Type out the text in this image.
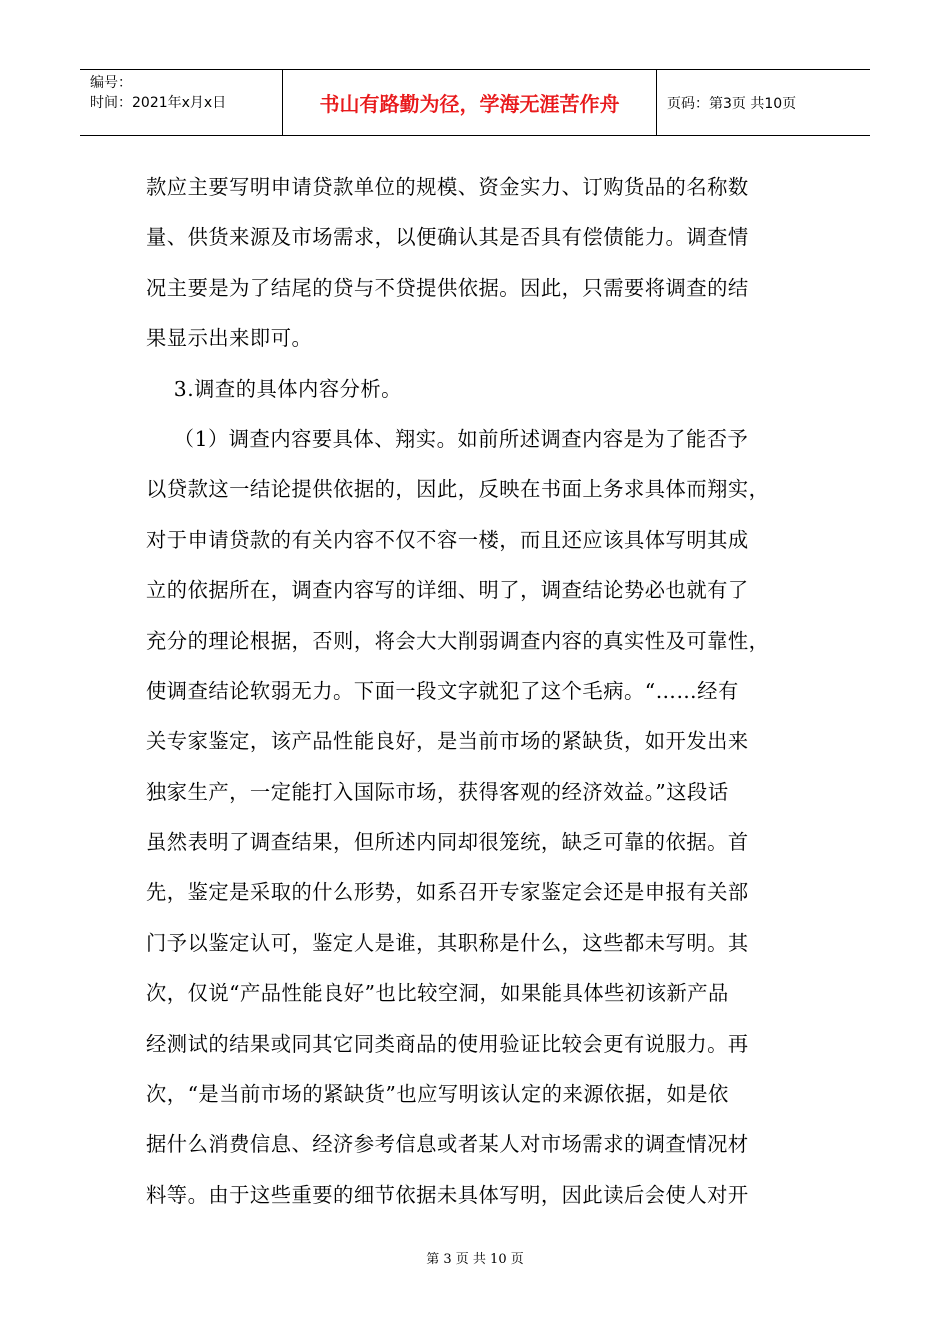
编号：
时间：2021年x月x日	书山有路勤为径，学海无涯苦作舟	页码：第3页 共10页
款应主要写明申请贷款单位的规模、资金实力、订购货品的名称数
量、供货来源及市场需求，以便确认其是否具有偿债能力。调查情
况主要是为了结尾的贷与不贷提供依据。因此，只需要将调查的结
果显示出来即可。
3.调查的具体内容分析。
（1）调查内容要具体、翔实。如前所述调查内容是为了能否予
以贷款这一结论提供依据的，因此，反映在书面上务求具体而翔实，
对于申请贷款的有关内容不仅不容一楼，而且还应该具体写明其成
立的依据所在，调查内容写的详细、明了，调查结论势必也就有了
充分的理论根据，否则，将会大大削弱调查内容的真实性及可靠性，
使调查结论软弱无力。下面一段文字就犯了这个毛病。“……经有
关专家鉴定，该产品性能良好，是当前市场的紧缺货，如开发出来
独家生产，一定能打入国际市场，获得客观的经济效益。”这段话
虽然表明了调查结果，但所述内同却很笼统，缺乏可靠的依据。首
先，鉴定是采取的什么形势，如系召开专家鉴定会还是申报有关部
门予以鉴定认可，鉴定人是谁，其职称是什么，这些都未写明。其
次，仅说“产品性能良好”也比较空洞，如果能具体些初该新产品
经测试的结果或同其它同类商品的使用验证比较会更有说服力。再
次，“是当前市场的紧缺货”也应写明该认定的来源依据，如是依
据什么消费信息、经济参考信息或者某人对市场需求的调查情况材
料等。由于这些重要的细节依据未具体写明，因此读后会使人对开
第 3 页 共 10 页
